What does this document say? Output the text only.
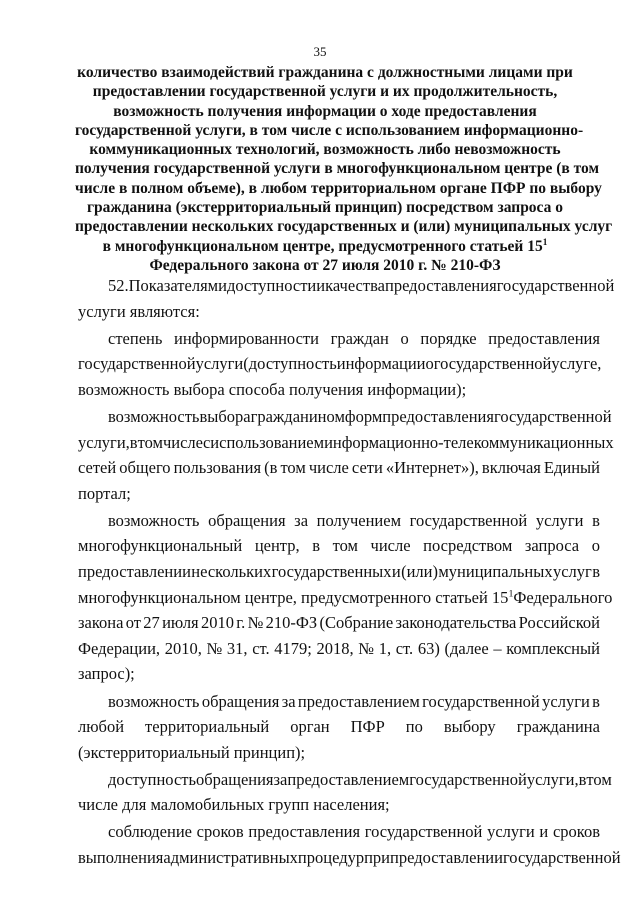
35
количество взаимодействий гражданина с должностными лицами при
предоставлении государственной услуги и их продолжительность,
возможность получения информации о ходе предоставления
государственной услуги, в том числе с использованием информационно-
коммуникационных технологий, возможность либо невозможность
получения государственной услуги в многофункциональном центре (в том
числе в полном объеме), в любом территориальном органе ПФР по выбору
гражданина (экстерриториальный принцип) посредством запроса о
предоставлении нескольких государственных и (или) муниципальных услуг
в многофункциональном центре, предусмотренного статьей $15^1$
Федерального закона от 27 июля 2010 г. № 210-ФЗ

52. Показателями доступности и качества предоставления государственной
услуги являются:

степень информированности граждан о порядке предоставления
государственной услуги (доступность информации о государственной услуге,
возможность выбора способа получения информации);

возможность выбора гражданином форм предоставления государственной
услуги, в том числе с использованием информационно-телекоммуникационных
сетей общего пользования (в том числе сети «Интернет»), включая Единый
портал;

возможность обращения за получением государственной услуги в
многофункциональный центр, в том числе посредством запроса о
предоставлении нескольких государственных и (или) муниципальных услуг в
многофункциональном центре, предусмотренного статьей $15^1$ Федерального
закона от 27 июля 2010 г. № 210-ФЗ (Собрание законодательства Российской
Федерации, 2010, № 31, ст. 4179; 2018, № 1, ст. 63) (далее – комплексный
запрос);

возможность обращения за предоставлением государственной услуги в
любой территориальный орган ПФР по выбору гражданина
(экстерриториальный принцип);

доступность обращения за предоставлением государственной услуги, в том
числе для маломобильных групп населения;

соблюдение сроков предоставления государственной услуги и сроков
выполнения административных процедур при предоставлении государственной
